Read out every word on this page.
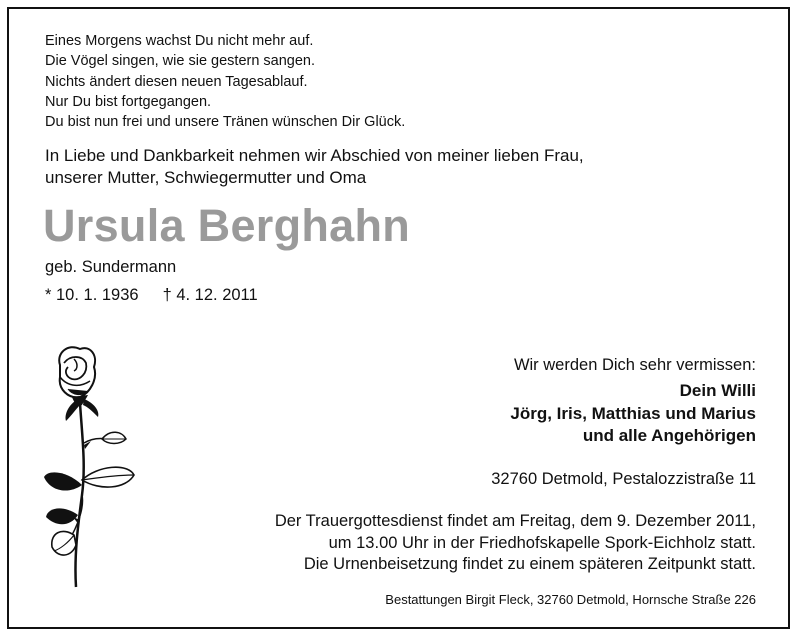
Eines Morgens wachst Du nicht mehr auf.
Die Vögel singen, wie sie gestern sangen.
Nichts ändert diesen neuen Tagesablauf.
Nur Du bist fortgegangen.
Du bist nun frei und unsere Tränen wünschen Dir Glück.
In Liebe und Dankbarkeit nehmen wir Abschied von meiner lieben Frau,
unserer Mutter, Schwiegermutter und Oma
Ursula Berghahn
geb. Sundermann
* 10. 1. 1936 † 4. 12. 2011
Wir werden Dich sehr vermissen:
Dein Willi
Jörg, Iris, Matthias und Marius
und alle Angehörigen
32760 Detmold, Pestalozzistraße 11
Der Trauergottesdienst findet am Freitag, dem 9. Dezember 2011,
um 13.00 Uhr in der Friedhofskapelle Spork-Eichholz statt.
Die Urnenbeisetzung findet zu einem späteren Zeitpunkt statt.
Bestattungen Birgit Fleck, 32760 Detmold, Hornsche Straße 226
